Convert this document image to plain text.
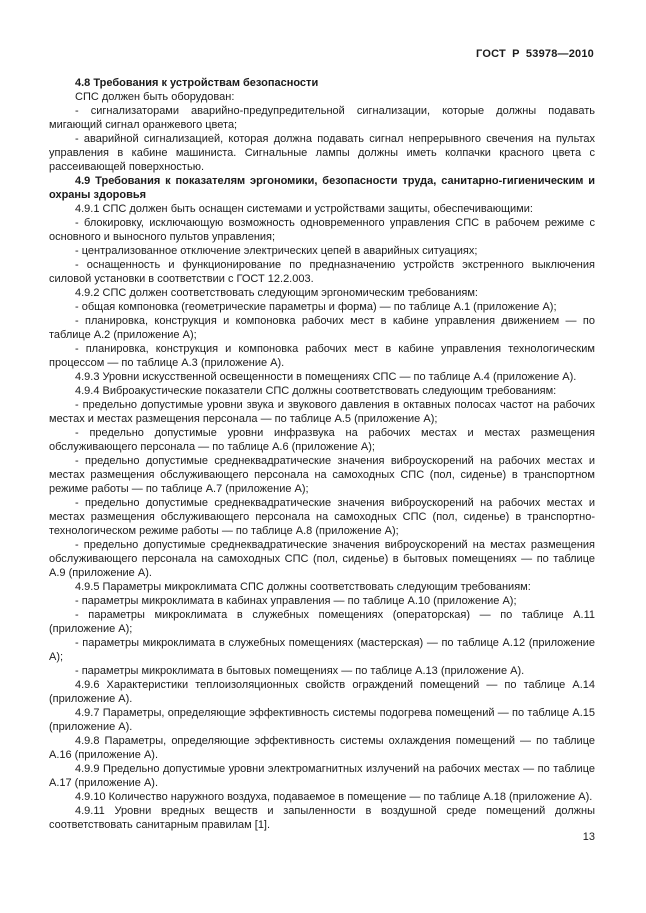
ГОСТ Р 53978—2010

4.8 Требования к устройствам безопасности

СПС должен быть оборудован:

- сигнализаторами аварийно-предупредительной сигнализации, которые должны подавать мигающий сигнал оранжевого цвета;

- аварийной сигнализацией, которая должна подавать сигнал непрерывного свечения на пультах управления в кабине машиниста. Сигнальные лампы должны иметь колпачки красного цвета с рассеивающей поверхностью.

4.9 Требования к показателям эргономики, безопасности труда, санитарно-гигиеническим и охраны здоровья

4.9.1 СПС должен быть оснащен системами и устройствами защиты, обеспечивающими:

- блокировку, исключающую возможность одновременного управления СПС в рабочем режиме с основного и выносного пультов управления;

- централизованное отключение электрических цепей в аварийных ситуациях;

- оснащенность и функционирование по предназначению устройств экстренного выключения силовой установки в соответствии с ГОСТ 12.2.003.

4.9.2 СПС должен соответствовать следующим эргономическим требованиям:

- общая компоновка (геометрические параметры и форма) — по таблице А.1 (приложение А);

- планировка, конструкция и компоновка рабочих мест в кабине управления движением — по таблице А.2 (приложение А);

- планировка, конструкция и компоновка рабочих мест в кабине управления технологическим процессом — по таблице А.3 (приложение А).

4.9.3 Уровни искусственной освещенности в помещениях СПС — по таблице А.4 (приложение А).

4.9.4 Виброакустические показатели СПС должны соответствовать следующим требованиям:

- предельно допустимые уровни звука и звукового давления в октавных полосах частот на рабочих местах и местах размещения персонала — по таблице А.5 (приложение А);

- предельно допустимые уровни инфразвука на рабочих местах и местах размещения обслуживающего персонала — по таблице А.6 (приложение А);

- предельно допустимые среднеквадратические значения виброускорений на рабочих местах и местах размещения обслуживающего персонала на самоходных СПС (пол, сиденье) в транспортном режиме работы — по таблице А.7 (приложение А);

- предельно допустимые среднеквадратические значения виброускорений на рабочих местах и местах размещения обслуживающего персонала на самоходных СПС (пол, сиденье) в транспортно-технологическом режиме работы — по таблице А.8 (приложение А);

- предельно допустимые среднеквадратические значения виброускорений на местах размещения обслуживающего персонала на самоходных СПС (пол, сиденье) в бытовых помещениях — по таблице А.9 (приложение А).

4.9.5 Параметры микроклимата СПС должны соответствовать следующим требованиям:

- параметры микроклимата в кабинах управления — по таблице А.10 (приложение А);

- параметры микроклимата в служебных помещениях (операторская) — по таблице А.11 (приложение А);

- параметры микроклимата в служебных помещениях (мастерская) — по таблице А.12 (приложение А);

- параметры микроклимата в бытовых помещениях — по таблице А.13 (приложение А).

4.9.6 Характеристики теплоизоляционных свойств ограждений помещений — по таблице А.14 (приложение А).

4.9.7 Параметры, определяющие эффективность системы подогрева помещений — по таблице А.15 (приложение А).

4.9.8 Параметры, определяющие эффективность системы охлаждения помещений — по таблице А.16 (приложение А).

4.9.9 Предельно допустимые уровни электромагнитных излучений на рабочих местах — по таблице А.17 (приложение А).

4.9.10 Количество наружного воздуха, подаваемое в помещение — по таблице А.18 (приложение А).

4.9.11 Уровни вредных веществ и запыленности в воздушной среде помещений должны соответствовать санитарным правилам [1].

13
